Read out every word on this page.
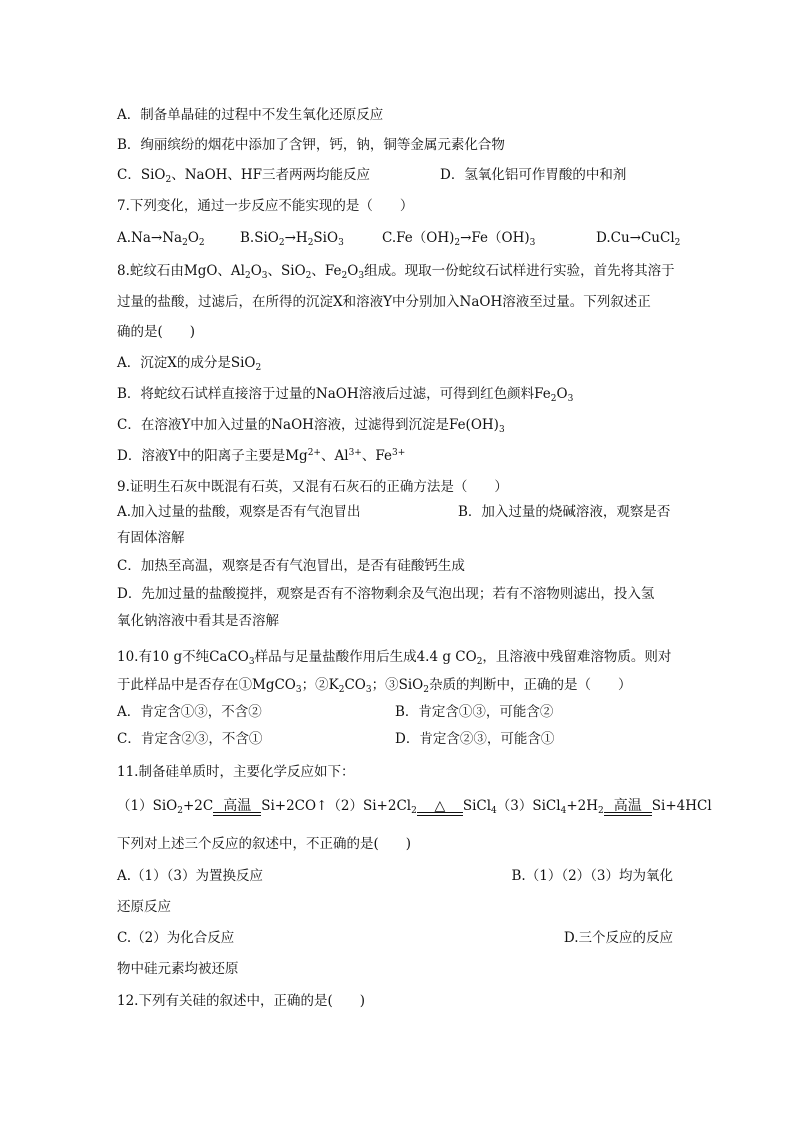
A．制备单晶硅的过程中不发生氧化还原反应
B．绚丽缤纷的烟花中添加了含钾，钙，钠，铜等金属元素化合物
C．SiO$_2$、NaOH、HF三者两两均能反应	D．氢氧化铝可作胃酸的中和剂
7.下列变化，通过一步反应不能实现的是（　　）
$A.Na\to Na_2O_2$	$B.SiO_2\to H_2SiO_3$	$C.Fe(OH)_2\to Fe(OH)_3$	D.Cu→CuCl$_2$
8.蛇纹石由MgO、$Al_2O_3$、SiO$_2$、$Fe_2O_3$组成。现取一份蛇纹石试样进行实验，首先将其溶于
过量的盐酸，过滤后，在所得的沉淀X和溶液Y中分别加入NaOH溶液至过量。下列叙述正
确的是(　　)
A．沉淀X的成分是SiO$_2$
B．将蛇纹石试样直接溶于过量的NaOH溶液后过滤，可得到红色颜料$Fe_2O_3$
C．在溶液Y中加入过量的NaOH溶液，过滤得到沉淀是$Fe(OH)_3$
D．溶液Y中的阳离子主要是$Mg^{2+}$、$Al^{3+}$、$Fe^{3+}$
9.证明生石灰中既混有石英，又混有石灰石的正确方法是（　　）
A.加入过量的盐酸，观察是否有气泡冒出	B．加入过量的烧碱溶液，观察是否
有固体溶解
C．加热至高温，观察是否有气泡冒出，是否有硅酸钙生成
D．先加过量的盐酸搅拌，观察是否有不溶物剩余及气泡出现；若有不溶物则滤出，投入氢
氧化钠溶液中看其是否溶解
10.有10 g不纯CaCO$_3$样品与足量盐酸作用后生成4.4 g $CO_2$，且溶液中残留难溶物质。则对
于此样品中是否存在①MgCO$_3$；$②K_2CO_3$；③SiO$_2$杂质的判断中，正确的是（　　）
A．肯定含①③，不含②	B．肯定含①③，可能含②
C．肯定含②③，不含①	D．肯定含②③，可能含①
11.制备硅单质时，主要化学反应如下：
（1）SiO$_2$+2C 高温 $Si+2CO↑(2)Si+2Cl_2$	△	$SiCl_4(3)SiCl_4+2H_2$ 高温 Si+4HCl
下列对上述三个反应的叙述中，不正确的是(　　)
A.（1）（3）为置换反应	B.（1）（2）（3）均为氧化
还原反应
C.（2）为化合反应	D.三个反应的反应
物中硅元素均被还原
12.下列有关硅的叙述中，正确的是(　　)
